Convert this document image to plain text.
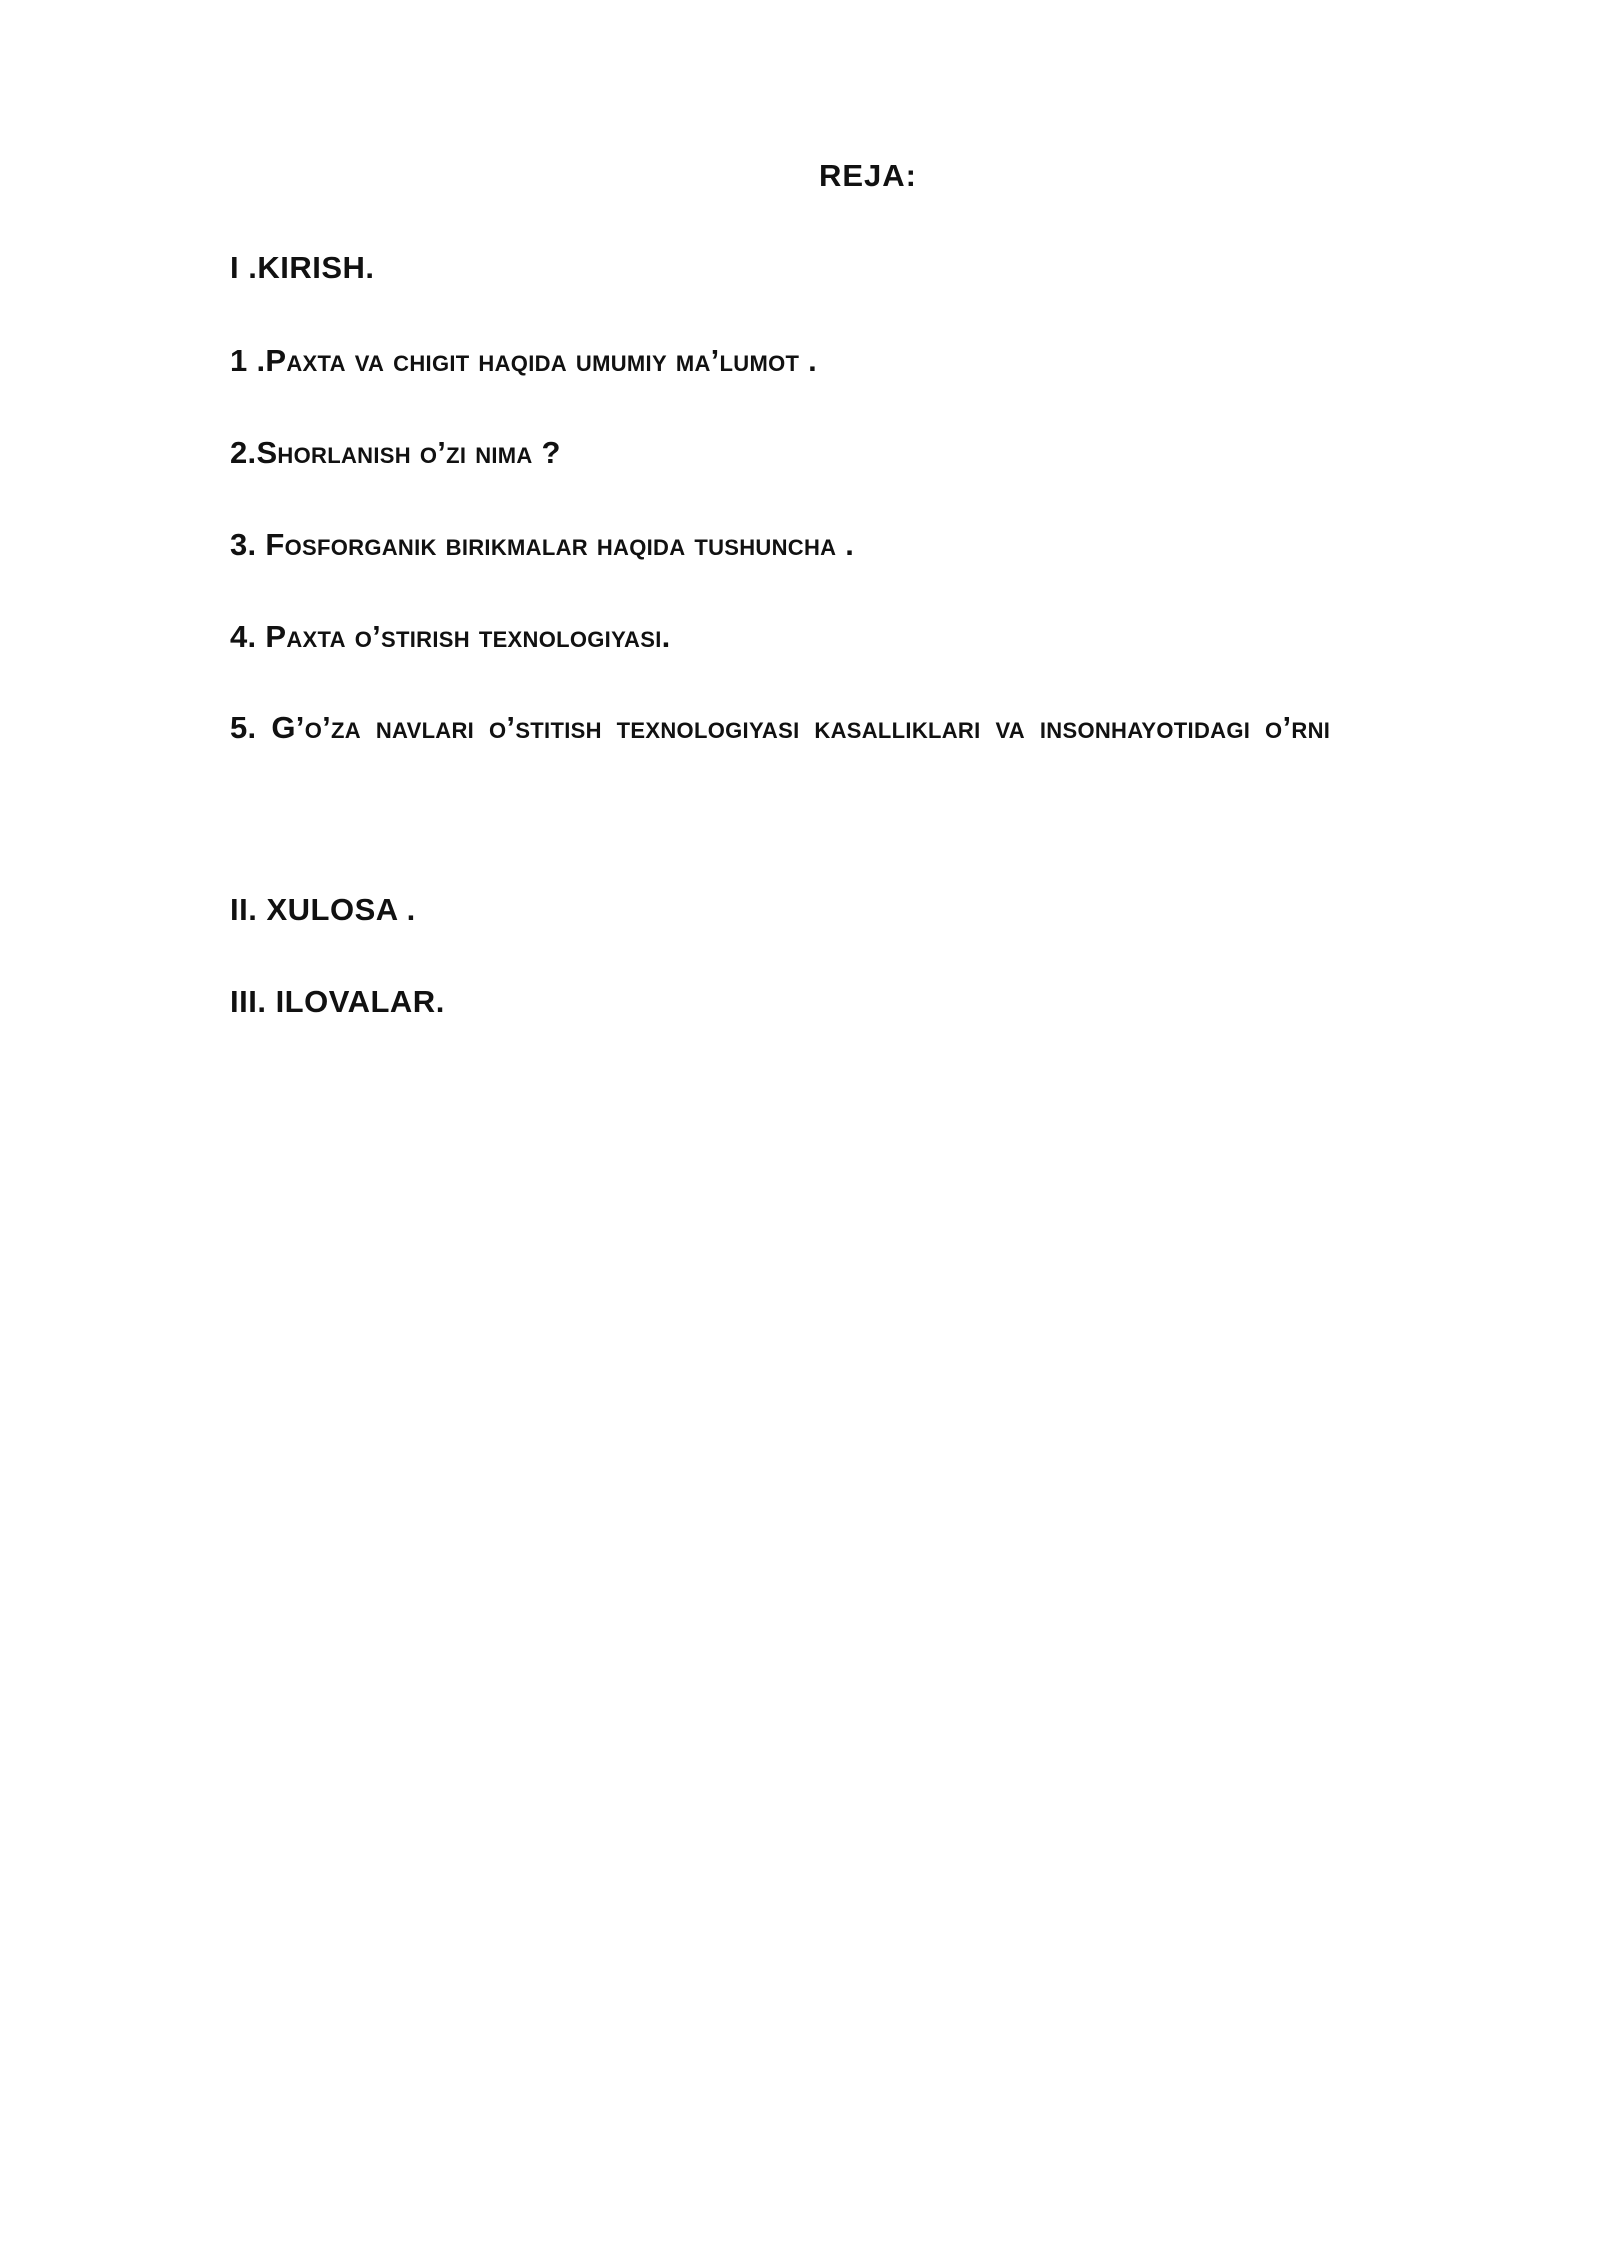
REJA:
I .KIRISH.
1 .Paxta va chigit haqida umumiy ma’lumot .
2.Shorlanish o’zi nima ?
3. Fosforganik birikmalar haqida tushuncha .
4. Paxta o’stirish texnologiyasi.
5. G’o’za navlari o’stitish texnologiyasi kasalliklari va insonhayotidagi o’rni
II. XULOSA .
III. ILOVALAR.
